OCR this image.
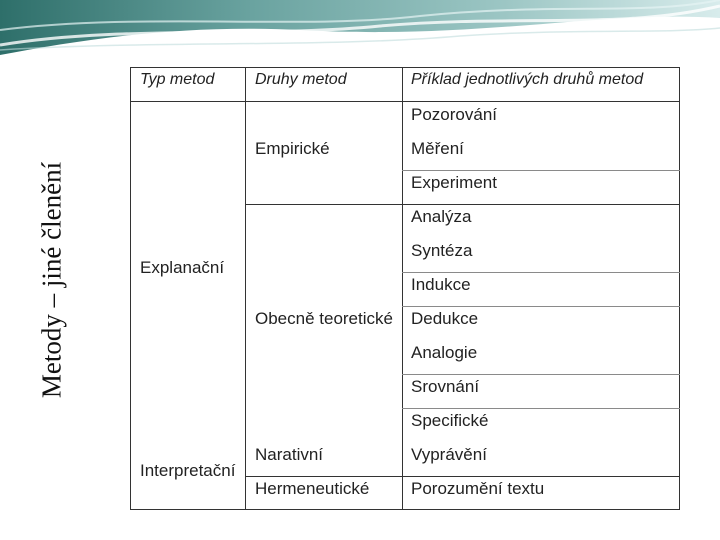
Metody – jiné členění
Typ metod	Druhy metod	Příklad jednotlivých druhů metod
Explanační
Interpretační
Empirické
Obecně teoretické
Narativní
Hermeneutické
Pozorování
Měření
Experiment
Analýza
Syntéza
Indukce
Dedukce
Analogie
Srovnání
Specifické
Vyprávění
Porozumění textu
